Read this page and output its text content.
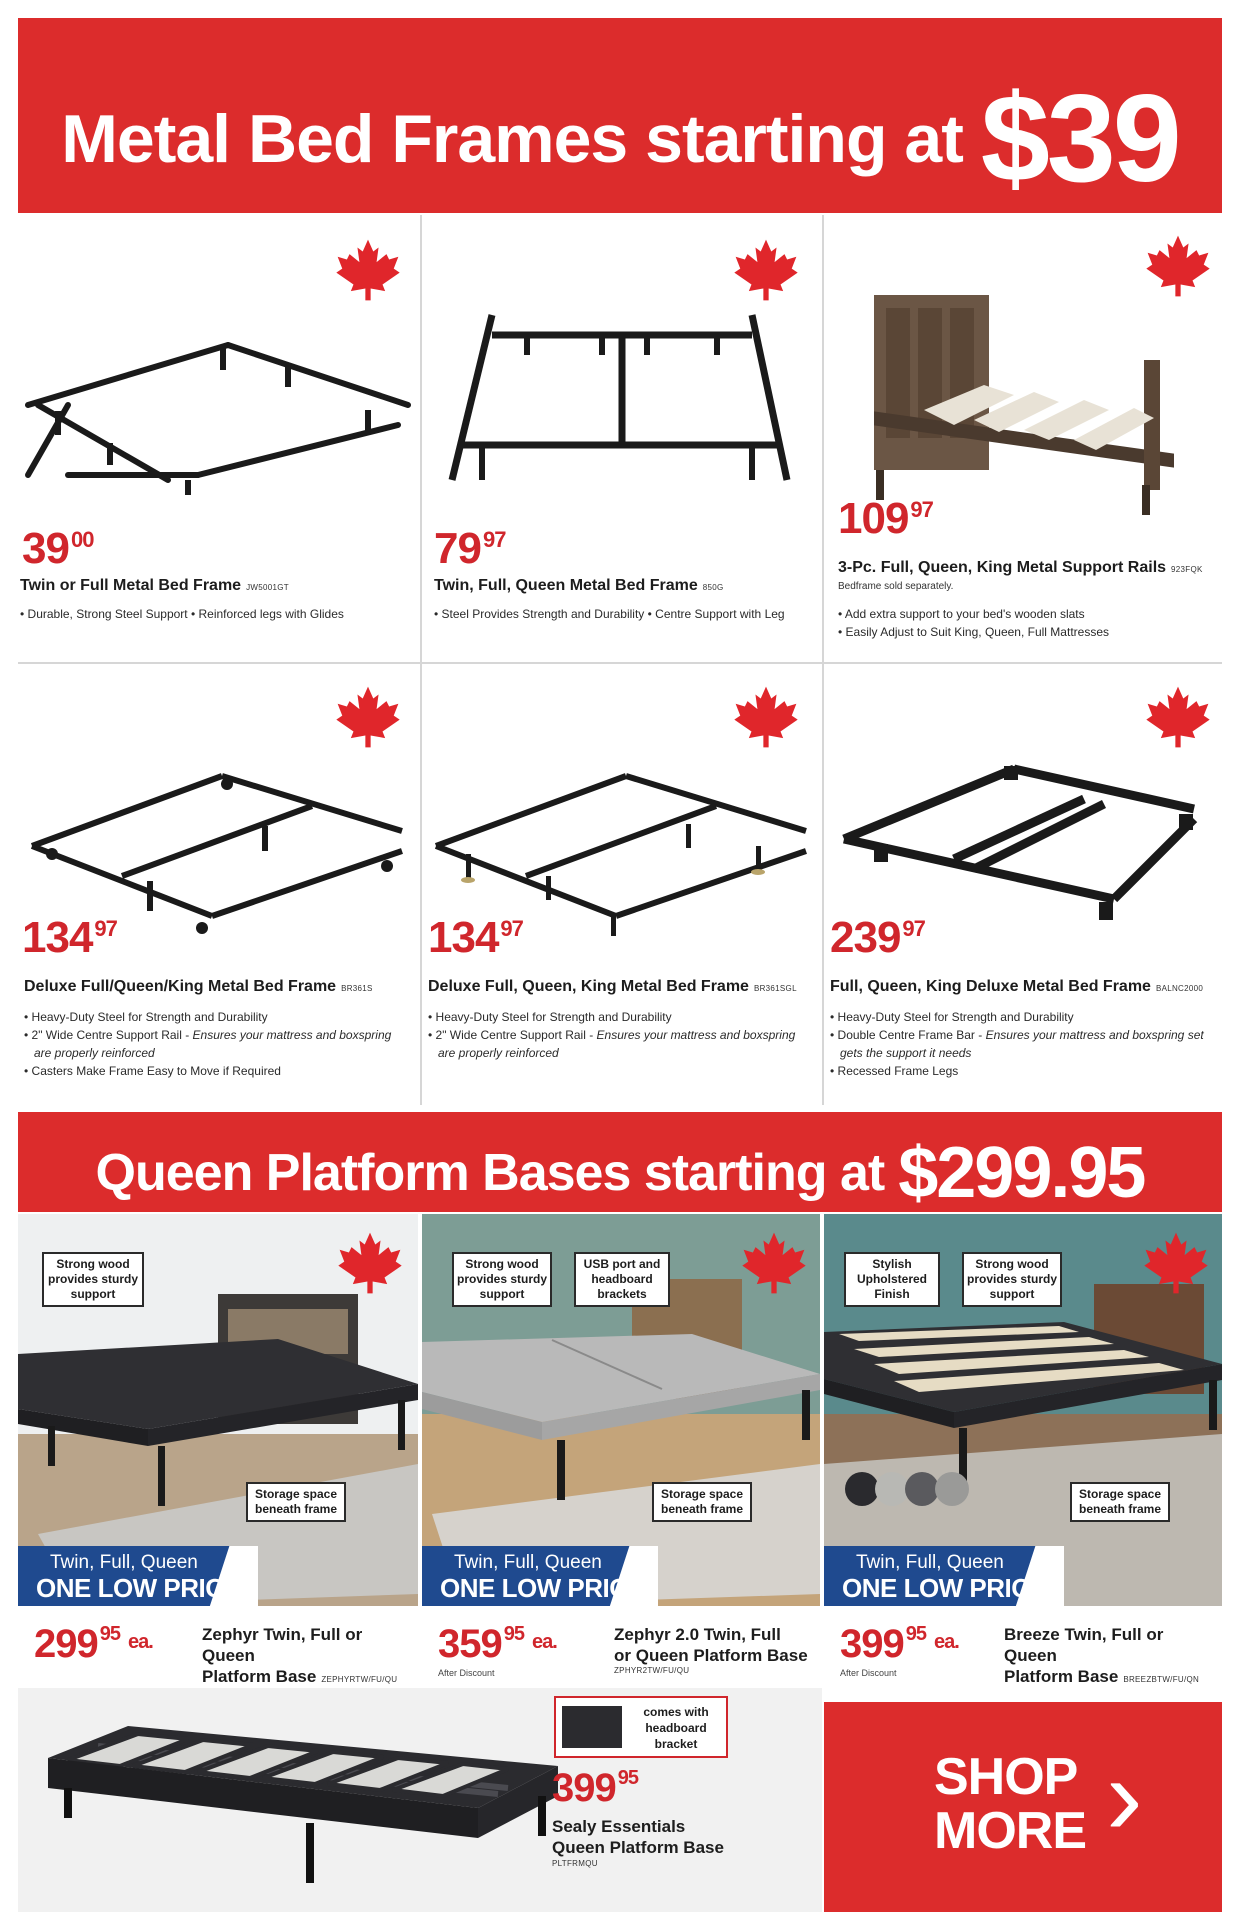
Metal Bed Frames starting at $39
$39^{00}$
Twin or Full Metal Bed Frame JW5001GT
• Durable, Strong Steel Support • Reinforced legs with Glides
$79^{97}$
Twin, Full, Queen Metal Bed Frame 850G
• Steel Provides Strength and Durability • Centre Support with Leg
$109^{97}$
3-Pc. Full, Queen, King Metal Support Rails 923FQK
Bedframe sold separately.
• Add extra support to your bed's wooden slats
• Easily Adjust to Suit King, Queen, Full Mattresses
$134^{97}$
Deluxe Full/Queen/King Metal Bed Frame BR361S
• Heavy-Duty Steel for Strength and Durability
• 2" Wide Centre Support Rail - Ensures your mattress and boxspring
are properly reinforced
• Casters Make Frame Easy to Move if Required
$134^{97}$
Deluxe Full, Queen, King Metal Bed Frame BR361SGL
• Heavy-Duty Steel for Strength and Durability
• 2" Wide Centre Support Rail - Ensures your mattress and boxspring
are properly reinforced
$239^{97}$
Full, Queen, King Deluxe Metal Bed Frame BALNC2000
• Heavy-Duty Steel for Strength and Durability
• Double Centre Frame Bar - Ensures your mattress and boxspring set
gets the support it needs
• Recessed Frame Legs
Queen Platform Bases starting at $299.95
Strong wood provides sturdy support
Storage space beneath frame
Twin, Full, Queen
ONE LOW PRICE!
Strong wood provides sturdy support
USB port and headboard brackets
Storage space beneath frame
Twin, Full, Queen
ONE LOW PRICE!
Stylish Upholstered Finish
Strong wood provides sturdy support
Storage space beneath frame
Twin, Full, Queen
ONE LOW PRICE!
299 $^{95}$ $^{ea.}$	Zephyr Twin, Full or Queen
Platform Base ZEPHYRTW/FU/QU
359 $^{95}$ $^{ea.}$
After Discount
Zephyr 2.0 Twin, Full
or Queen Platform Base
ZPHYR2TW/FU/QU
399 $^{95}$ $^{ea.}$
After Discount
Breeze Twin, Full or Queen
Platform Base BREEZBTW/FU/QN
comes with headboard bracket
399 $^{95}$
Sealy Essentials
Queen Platform Base
PLTFRMQU
SHOP
MORE ›
